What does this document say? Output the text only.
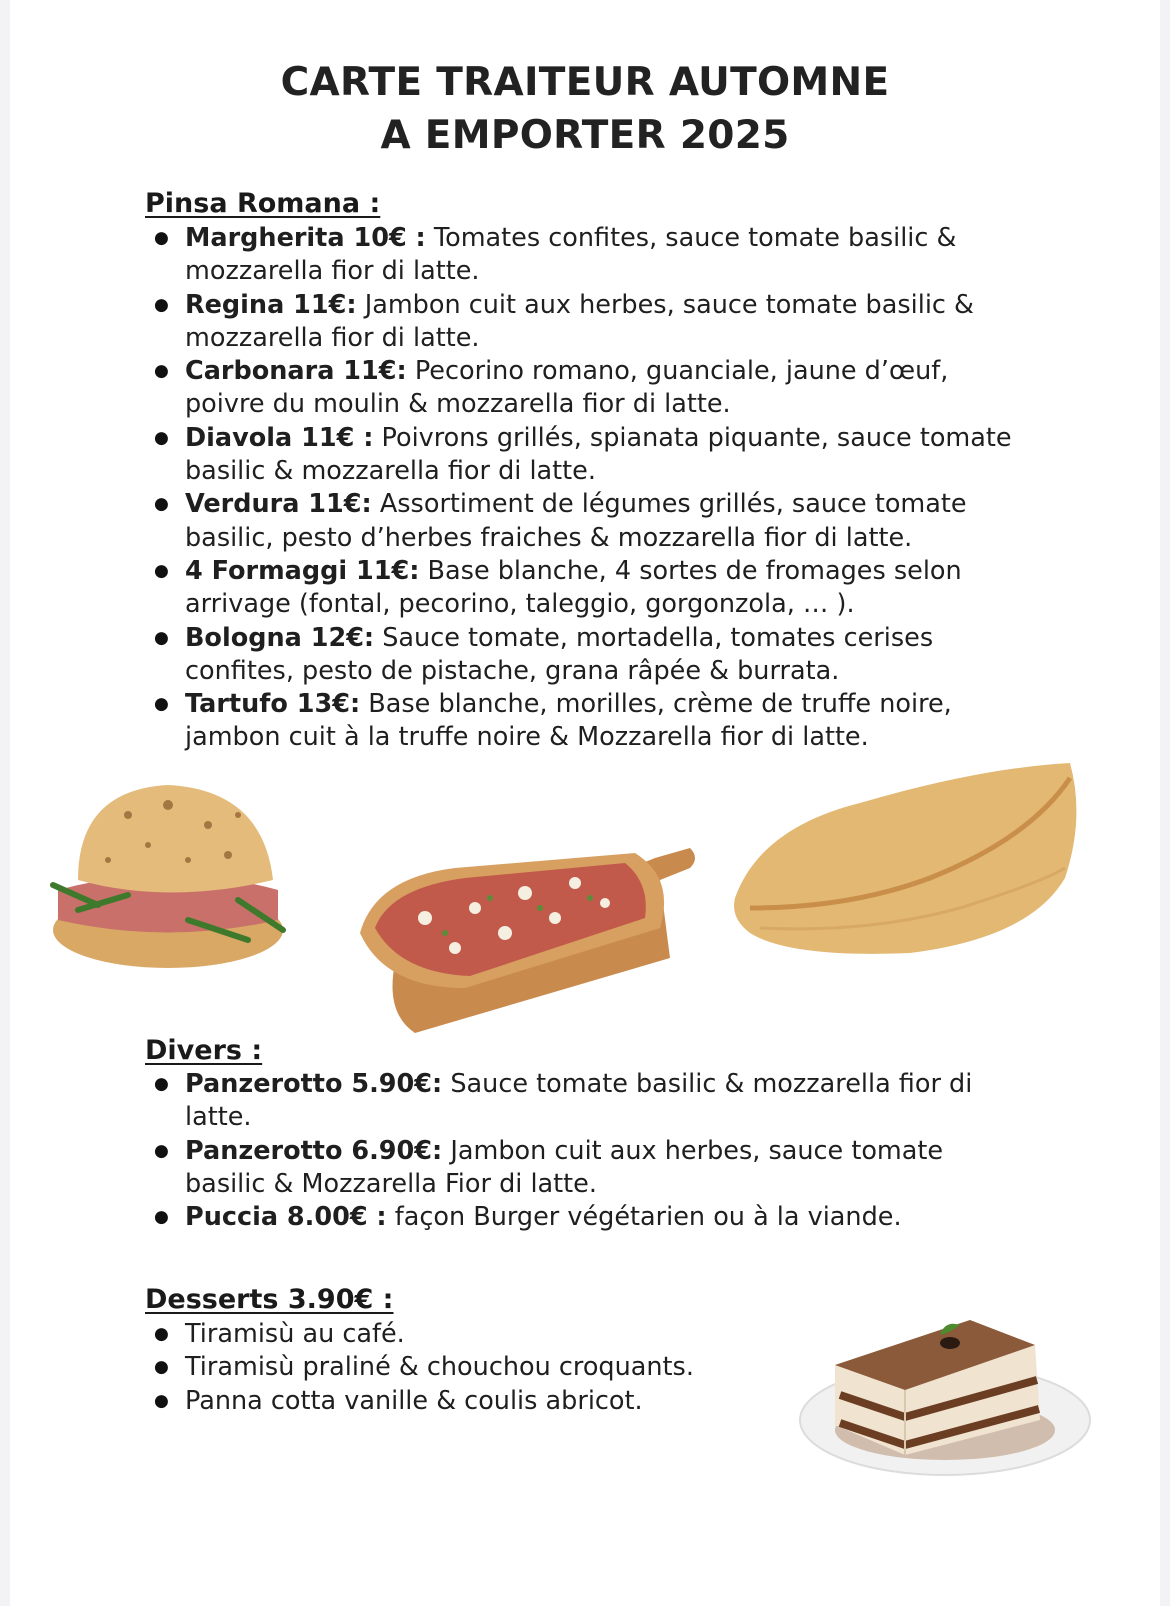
CARTE TRAITEUR AUTOMNE
A EMPORTER 2025
Pinsa Romana :
● Margherita 10€ : Tomates confites, sauce tomate basilic & mozzarella fior di latte.
● Regina 11€: Jambon cuit aux herbes, sauce tomate basilic & mozzarella fior di latte.
● Carbonara 11€: Pecorino romano, guanciale, jaune d’œuf, poivre du moulin & mozzarella fior di latte.
● Diavola 11€ : Poivrons grillés, spianata piquante, sauce tomate basilic & mozzarella fior di latte.
● Verdura 11€: Assortiment de légumes grillés, sauce tomate basilic, pesto d’herbes fraiches & mozzarella fior di latte.
● 4 Formaggi 11€: Base blanche, 4 sortes de fromages selon arrivage (fontal, pecorino, taleggio, gorgonzola, … ).
● Bologna 12€: Sauce tomate, mortadella, tomates cerises confites, pesto de pistache, grana râpée & burrata.
● Tartufo 13€: Base blanche, morilles, crème de truffe noire, jambon cuit à la truffe noire & Mozzarella fior di latte.
Divers :
● Panzerotto 5.90€: Sauce tomate basilic & mozzarella fior di latte.
● Panzerotto 6.90€: Jambon cuit aux herbes, sauce tomate basilic & Mozzarella Fior di latte.
● Puccia 8.00€ : façon Burger végétarien ou à la viande.
Desserts 3.90€ :
● Tiramisù au café.
● Tiramisù praliné & chouchou croquants.
● Panna cotta vanille & coulis abricot.
